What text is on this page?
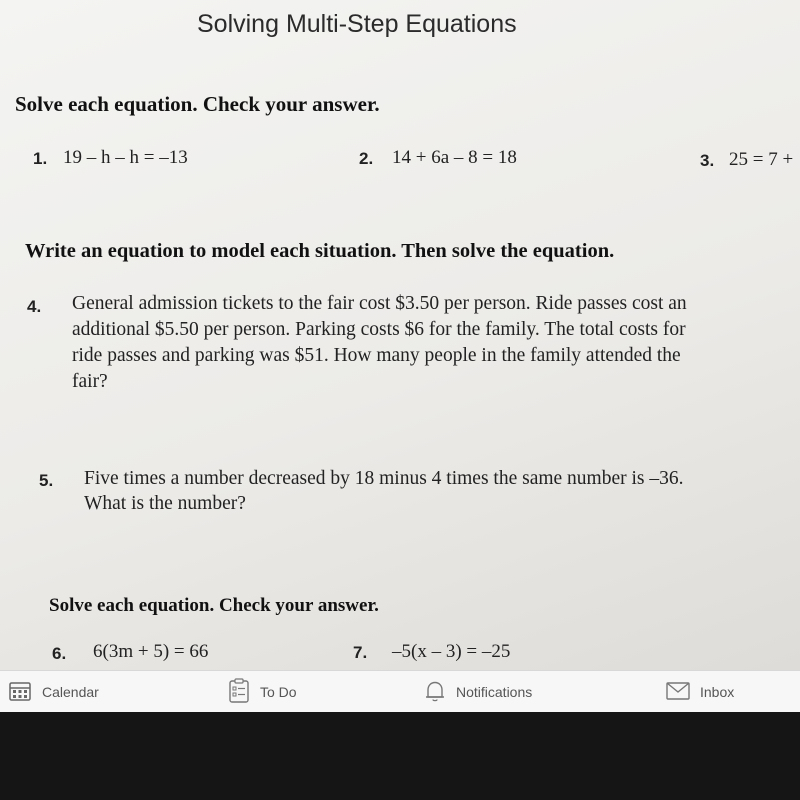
Solving Multi-Step Equations
Solve each equation. Check your answer.
1. 19 – h – h = –13	2. 14 + 6a – 8 = 18	3. 25 = 7 +
Write an equation to model each situation. Then solve the equation.
4. General admission tickets to the fair cost $3.50 per person. Ride passes cost an
additional $5.50 per person. Parking costs $6 for the family. The total costs for
ride passes and parking was $51. How many people in the family attended the
fair?
5. Five times a number decreased by 18 minus 4 times the same number is –36.
What is the number?
Solve each equation. Check your answer.
6. 6(3m + 5) = 66	7. –5(x – 3) = –25
Calendar	To Do	Notifications	Inbox
